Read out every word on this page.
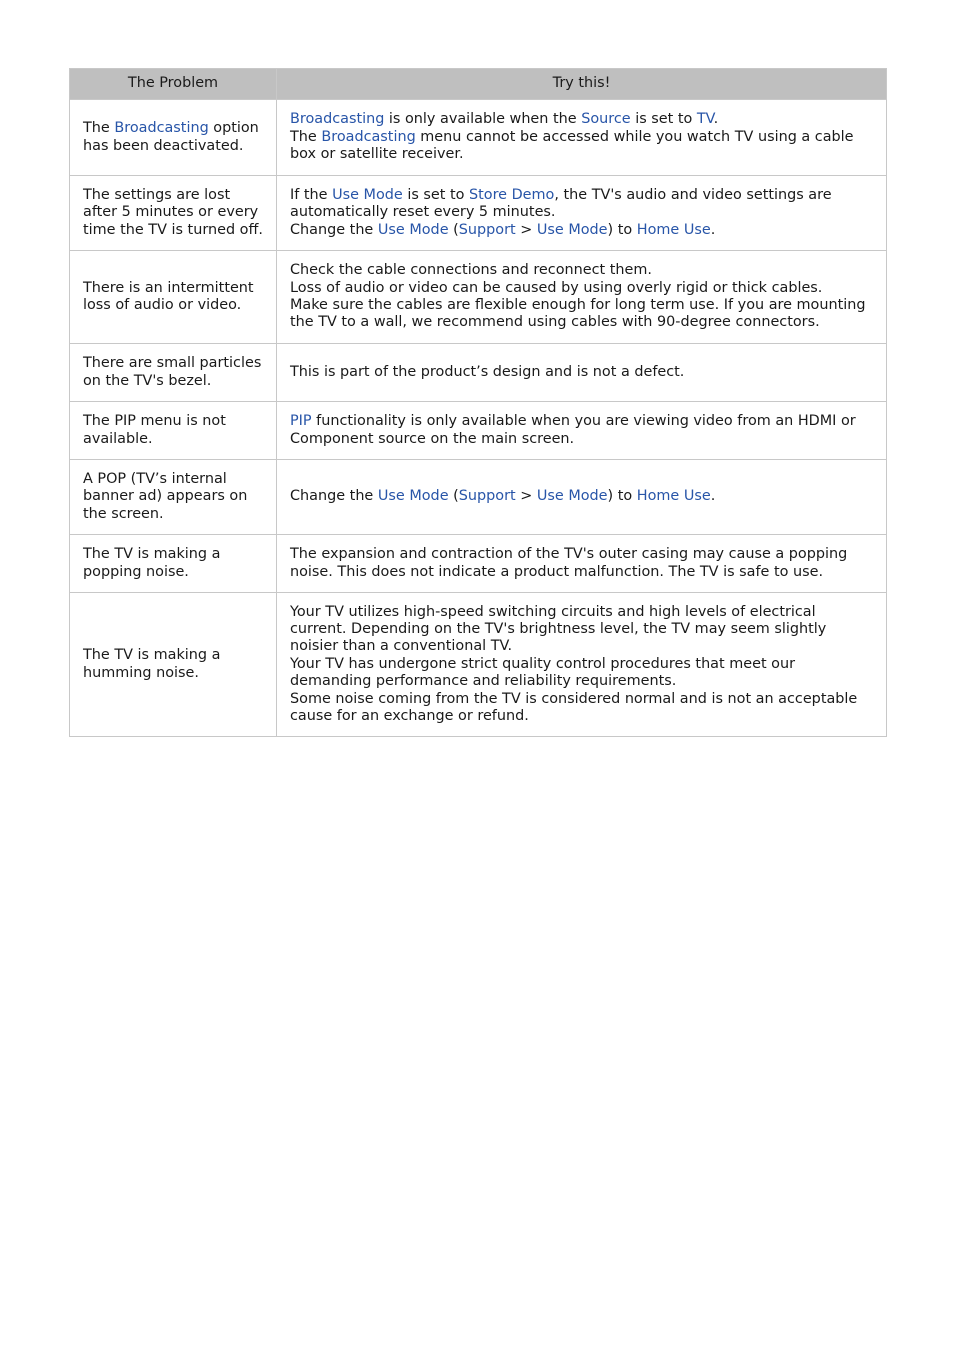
The Problem	Try this!

The Broadcasting option has been deactivated.	Broadcasting is only available when the Source is set to TV.
The Broadcasting menu cannot be accessed while you watch TV using a cable box or satellite receiver.

The settings are lost after 5 minutes or every time the TV is turned off.	If the Use Mode is set to Store Demo, the TV's audio and video settings are automatically reset every 5 minutes.
Change the Use Mode (Support > Use Mode) to Home Use.

There is an intermittent loss of audio or video.	Check the cable connections and reconnect them.
Loss of audio or video can be caused by using overly rigid or thick cables.
Make sure the cables are flexible enough for long term use. If you are mounting the TV to a wall, we recommend using cables with 90-degree connectors.

There are small particles on the TV's bezel.	This is part of the product’s design and is not a defect.

The PIP menu is not available.	PIP functionality is only available when you are viewing video from an HDMI or Component source on the main screen.

A POP (TV’s internal banner ad) appears on the screen.	Change the Use Mode (Support > Use Mode) to Home Use.

The TV is making a popping noise.	The expansion and contraction of the TV's outer casing may cause a popping noise. This does not indicate a product malfunction. The TV is safe to use.

The TV is making a humming noise.	Your TV utilizes high-speed switching circuits and high levels of electrical current. Depending on the TV's brightness level, the TV may seem slightly noisier than a conventional TV.
Your TV has undergone strict quality control procedures that meet our demanding performance and reliability requirements.
Some noise coming from the TV is considered normal and is not an acceptable cause for an exchange or refund.
